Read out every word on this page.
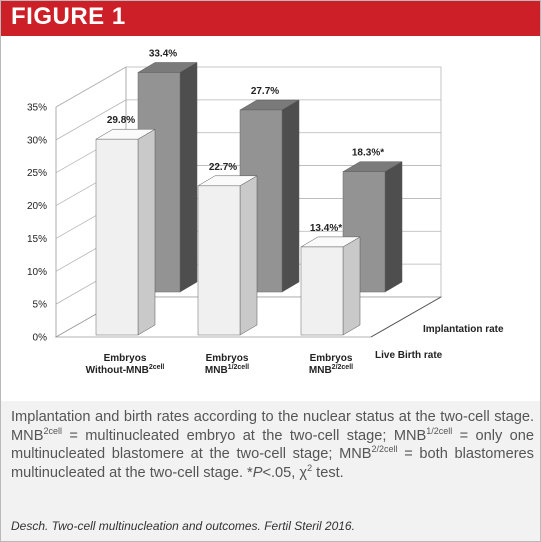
FIGURE 1
0%
5%
10%
15%
20%
25%
30%
35%
33.4%
29.8%
27.7%
22.7%
18.3%*
13.4%*
Embryos
Without-$MNB^{2cell}$
Embryos
$MNB^{1/2cell}$
Embryos
$MNB^{2/2cell}$
Live Birth rate
Implantation rate
Implantation and birth rates according to the nuclear status at the two-cell stage. $MNB^{2cell}$ = multinucleated embryo at the two-cell stage; $MNB^{1/2cell}$ = only one multinucleated blastomere at the two-cell stage; $MNB^{2/2cell}$ = both blastomeres multinucleated at the two-cell stage. *P<.05, $\chi^2$ test.
Desch. Two-cell multinucleation and outcomes. Fertil Steril 2016.
